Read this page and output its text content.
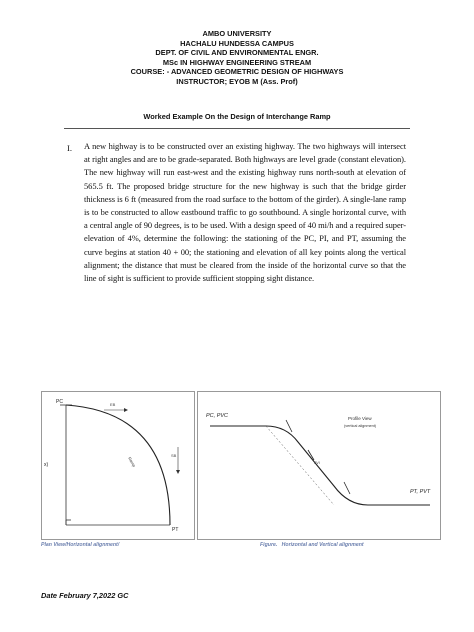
AMBO UNIVERSITY
HACHALU HUNDESSA CAMPUS
DEPT. OF CIVIL AND ENVIRONMENTAL ENGR.
MSc IN HIGHWAY ENGINEERING STREAM
COURSE: - ADVANCED GEOMETRIC DESIGN OF HIGHWAYS
INSTRUCTOR; EYOB M (Ass. Prof)
Worked Example On the Design of Interchange Ramp
I. A new highway is to be constructed over an existing highway. The two highways will intersect at right angles and are to be grade-separated. Both highways are level grade (constant elevation). The new highway will run east-west and the existing highway runs north-south at elevation of 565.5 ft. The proposed bridge structure for the new highway is such that the bridge girder thickness is 6 ft (measured from the road surface to the bottom of the girder). A single-lane ramp is to be constructed to allow eastbound traffic to go southbound. A single horizontal curve, with a central angle of 90 degrees, is to be used. With a design speed of 40 mi/h and a required super-elevation of 4%, determine the following: the stationing of the PC, PI, and PT, assuming the curve begins at station 40 + 00; the stationing and elevation of all key points along the vertical alignment; the distance that must be cleared from the inside of the horizontal curve so that the line of sight is sufficient to provide sufficient stopping sight distance.
PC
PT
EB
SB
Ramp
x)
PC, PVC
PT, PVT
Profile View
(vertical alignment)
PVI
Plan View/Horizontal alignment/	Figure. Horizontal and Vertical alignment
Date February 7,2022 GC
